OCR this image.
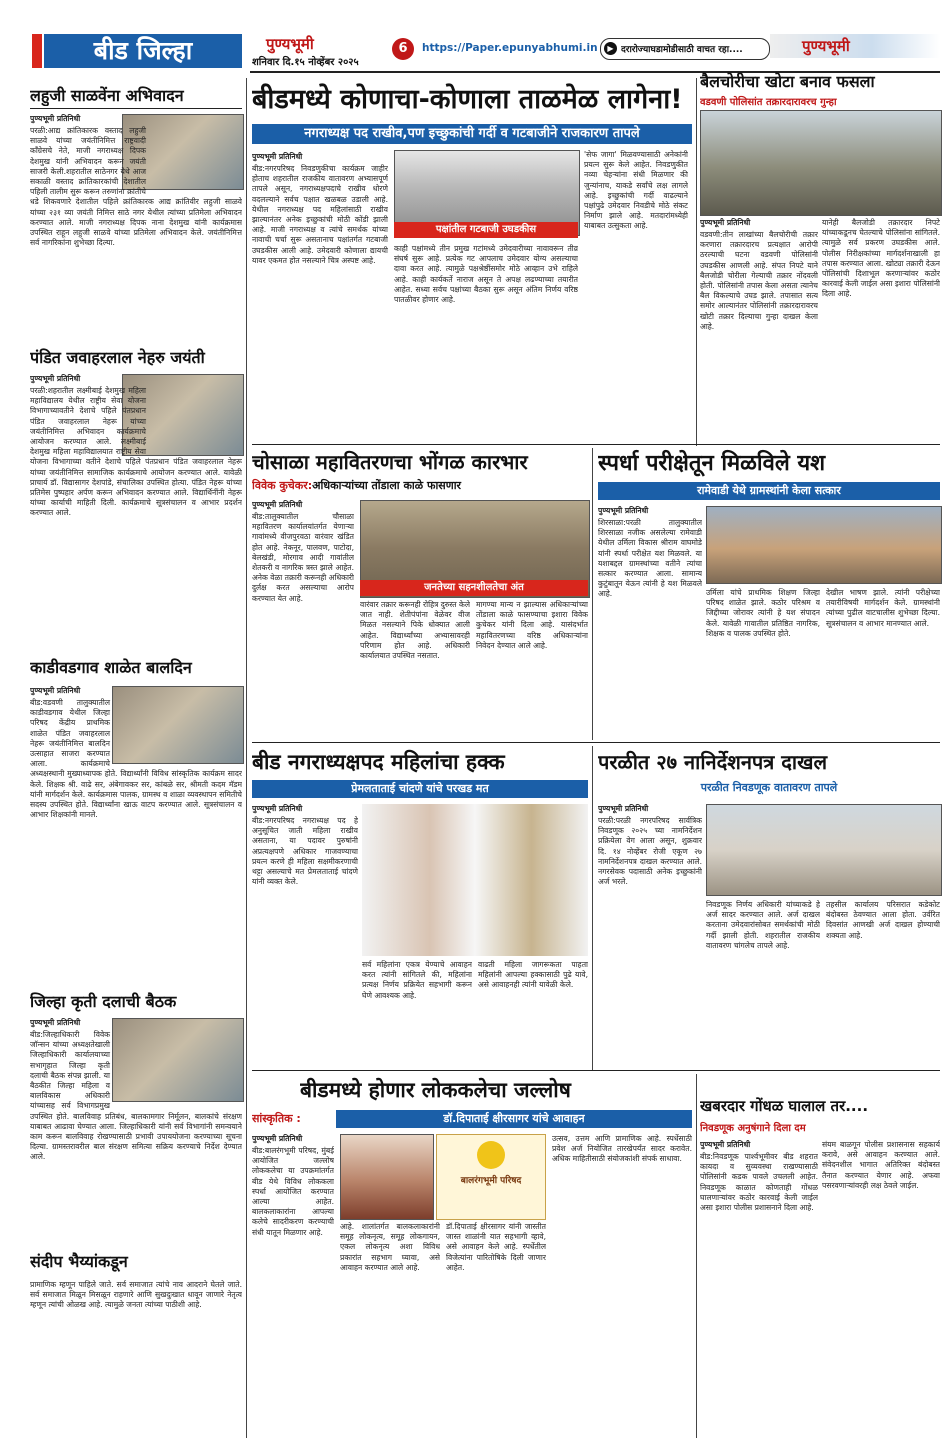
बीड जिल्हा	पुण्यभूमी
शनिवार दि.१५ नोव्हेंबर २०२५
6	https://Paper.epunyabhumi.in	▶ दरारोज्याघडामोडीसाठी वाचत रहा....	पुण्यभूमी
लहुजी साळवेंना अभिवादन
पुण्यभूमी प्रतिनिधी
परळी:आद्य क्रांतिकारक वस्ताद लहुजी साळवे यांच्या जयंतीनिमित्त राष्ट्रवादी काँग्रेसचे नेते, माजी नगराध्यक्ष दिपक देशमुख यांनी अभिवादन करून जयंती साजरी केली.शहरातील साठेनगर येथे आज सकाळी वस्ताद क्रांतिकारकांची देशातील पहिली तालीम सुरू करून तरुणांना क्रांतीचे धडे शिकवणारे देशातील पहिले क्रांतिकारक आद्य क्रांतिवीर लहुजी साळवे यांच्या २३१ व्या जयंती निमित्त साठे नगर येथील त्यांच्या प्रतिमेला अभिवादन करण्यात आले. माजी नगराध्यक्ष दिपक नाना देशमुख यांनी कार्यक्रमास उपस्थित राहून लहुजी साळवे यांच्या प्रतिमेला अभिवादन केले. जयंतीनिमित्त सर्व नागरिकांना शुभेच्छा दिल्या.
पंडित जवाहरलाल नेहरु जयंती
पुण्यभूमी प्रतिनिधी
परळी:शहरातील लक्ष्मीबाई देशमुख महिला महाविद्यालय येथील राष्ट्रीय सेवा योजना विभागाच्यावतीने देशाचे पहिले पंतप्रधान पंडित जवाहरलाल नेहरू यांच्या जयंतीनिमित्त अभिवादन कार्यक्रमाचे आयोजन करण्यात आले. लक्ष्मीबाई देशमुख महिला महाविद्यालयात राष्ट्रीय सेवा योजना विभागाच्या वतीने देशाचे पहिले पंतप्रधान पंडित जवाहरलाल नेहरू यांच्या जयंतीनिमित्त सामाजिक कार्यक्रमाचे आयोजन करण्यात आले. यावेळी प्राचार्य डॉ. विद्यासागर देशपांडे, संचालिका उपस्थित होत्या. पंडित नेहरू यांच्या प्रतिमेस पुष्पहार अर्पण करून अभिवादन करण्यात आले. विद्यार्थिनींनी नेहरू यांच्या कार्याची माहिती दिली. कार्यक्रमाचे सूत्रसंचालन व आभार प्रदर्शन करण्यात आले.
काडीवडगाव शाळेत बालदिन
पुण्यभूमी प्रतिनिधी
बीड:वडवणी तालुक्यातील काडीवडगाव येथील जिल्हा परिषद केंद्रीय प्राथमिक शाळेत पंडित जवाहरलाल नेहरू जयंतीनिमित्त बालदिन उत्साहात साजरा करण्यात आला. कार्यक्रमाचे अध्यक्षस्थानी मुख्याध्यापक होते. विद्यार्थ्यांनी विविध सांस्कृतिक कार्यक्रम सादर केले. शिक्षक श्री. वाढे सर, अंबेगावकर सर, कांबळे सर, श्रीमती कदम मॅडम यांनी मार्गदर्शन केले. कार्यक्रमास पालक, ग्रामस्थ व शाळा व्यवस्थापन समितीचे सदस्य उपस्थित होते. विद्यार्थ्यांना खाऊ वाटप करण्यात आले. सूत्रसंचालन व आभार शिक्षकांनी मानले.
जिल्हा कृती दलाची बैठक
पुण्यभूमी प्रतिनिधी
बीड:जिल्हाधिकारी विवेक जॉन्सन यांच्या अध्यक्षतेखाली जिल्हाधिकारी कार्यालयाच्या सभागृहात जिल्हा कृती दलाची बैठक संपन्न झाली. या बैठकीत जिल्हा महिला व बालविकास अधिकारी यांच्यासह सर्व विभागप्रमुख उपस्थित होते. बालविवाह प्रतिबंध, बालकामगार निर्मूलन, बालकांचे संरक्षण याबाबत आढावा घेण्यात आला. जिल्हाधिकारी यांनी सर्व विभागांनी समन्वयाने काम करून बालविवाह रोखण्यासाठी प्रभावी उपाययोजना करण्याच्या सूचना दिल्या. ग्रामस्तरावरील बाल संरक्षण समित्या सक्रिय करण्याचे निर्देश देण्यात आले.
संदीप भैय्यांकडून
प्रामाणिक म्हणून पाहिले जाते. सर्व समाजात त्यांचे नाव आदराने घेतले जाते. सर्व समाजात मिळून मिसळून राहणारे आणि सुखदुःखात धावून जाणारे नेतृत्व म्हणून त्यांची ओळख आहे. त्यामुळे जनता त्यांच्या पाठीशी आहे.
बीडमध्ये कोणाचा-कोणाला ताळमेळ लागेना!
नगराध्यक्ष पद राखीव,पण इच्छुकांची गर्दी व गटबाजीने राजकारण तापले
पुण्यभूमी प्रतिनिधी
बीड:नगरपरिषद निवडणुकीचा कार्यक्रम जाहीर होताच शहरातील राजकीय वातावरण अभ्यासपूर्ण तापले असून, नगराध्यक्षपदाचे राखीव धोरणे वदलल्याने सर्वच पक्षात खळबळ उडाली आहे. येथील नगराध्यक्ष पद महिलांसाठी राखीव झाल्यानंतर अनेक इच्छुकांची मोठी कोंडी झाली आहे. माजी नगराध्यक्ष व त्यांचे समर्थक यांच्या नावाची चर्चा सुरू असतानाच पक्षांतर्गत गटबाजी उघडकीस आली आहे. उमेदवारी कोणाला द्यायची यावर एकमत होत नसल्याने चित्र अस्पष्ट आहे.
पक्षांतील गटबाजी उघडकीस
काही पक्षांमध्ये तीन प्रमुख गटांमध्ये उमेदवारीच्या नावावरून तीव्र संघर्ष सुरू आहे. प्रत्येक गट आपलाच उमेदवार योग्य असल्याचा दावा करत आहे. त्यामुळे पक्षश्रेष्ठींसमोर मोठे आव्हान उभे राहिले आहे. काही कार्यकर्ते नाराज असून ते अपक्ष लढण्याच्या तयारीत आहेत. सध्या सर्वच पक्षांच्या बैठका सुरू असून अंतिम निर्णय वरिष्ठ पातळीवर होणार आहे.
'सेफ जागा' मिळवण्यासाठी अनेकांनी प्रयत्न सुरू केले आहेत. निवडणुकीत नव्या चेहऱ्यांना संधी मिळणार की जुन्यांनाच, याकडे सर्वांचे लक्ष लागले आहे. इच्छुकांची गर्दी वाढल्याने पक्षांपुढे उमेदवार निवडीचे मोठे संकट निर्माण झाले आहे. मतदारांमध्येही याबाबत उत्सुकता आहे.
बैलचोरीचा खोटा बनाव फसला
वडवणी पोलिसांत तक्रारदारावरच गुन्हा
पुण्यभूमी प्रतिनिधी
वडवणी:तीन लाखांच्या बैलचोरीची तक्रार करणारा तक्रारदारच प्रत्यक्षात आरोपी ठरल्याची घटना वडवणी पोलिसांनी उघडकीस आणली आहे. संपत निपटे याने बैलजोडी चोरीला गेल्याची तक्रार नोंदवली होती. पोलिसांनी तपास केला असता त्यानेच बैल विकल्याचे उघड झाले. तपासात सत्य समोर आल्यानंतर पोलिसांनी तक्रारदारावरच खोटी तक्रार दिल्याचा गुन्हा दाखल केला आहे.
यानेही बैलजोडी तक्रारदार निपटे यांच्याकडूनच घेतल्याचे पोलिसांना सांगितले. त्यामुळे सर्व प्रकरण उघडकीस आले. पोलीस निरीक्षकांच्या मार्गदर्शनाखाली हा तपास करण्यात आला. खोट्या तक्रारी देऊन पोलिसांची दिशाभूल करणाऱ्यांवर कठोर कारवाई केली जाईल असा इशारा पोलिसांनी दिला आहे.
चोसाळा महावितरणचा भोंगळ कारभार
विवेक कुचेकर:अधिकाऱ्यांच्या तोंडाला काळे फासणार
पुण्यभूमी प्रतिनिधी
बीड:तालुक्यातील चौसाळा महावितरण कार्यालयांतर्गत येणाऱ्या गावांमध्ये वीजपुरवठा वारंवार खंडित होत आहे. नेकनूर, पालवण, पाटोदा, बेलखंडी, मोरगाव आदी गावांतील शेतकरी व नागरिक त्रस्त झाले आहेत. अनेक वेळा तक्रारी करूनही अधिकारी दुर्लक्ष करत असल्याचा आरोप करण्यात येत आहे.
जनतेच्या सहनशीलतेचा अंत
वारंवार तक्रार करूनही रोहित्र दुरुस्त केले जात नाही. शेतीपंपांना वेळेवर वीज मिळत नसल्याने पिके धोक्यात आली आहेत. विद्यार्थ्यांच्या अभ्यासावरही परिणाम होत आहे. अधिकारी कार्यालयात उपस्थित नसतात.
मागण्या मान्य न झाल्यास अधिकाऱ्यांच्या तोंडाला काळे फासण्याचा इशारा विवेक कुचेकर यांनी दिला आहे. यासंदर्भात महावितरणच्या वरिष्ठ अधिकाऱ्यांना निवेदन देण्यात आले आहे.
स्पर्धा परीक्षेतून मिळविले यश
रामेवाडी येथे ग्रामस्थांनी केला सत्कार
पुण्यभूमी प्रतिनिधी
शिरसाळा:परळी तालुक्यातील शिरसाळा नजीक असलेल्या रामेवाडी येथील उर्मिला विकास श्रीराम वाघमोडे यांनी स्पर्धा परीक्षेत यश मिळवले. या यशाबद्दल ग्रामस्थांच्या वतीने त्यांचा सत्कार करण्यात आला. सामान्य कुटुंबातून येऊन त्यांनी हे यश मिळवले आहे.	उर्मिला यांचे प्राथमिक शिक्षण जिल्हा परिषद शाळेत झाले. कठोर परिश्रम व जिद्दीच्या जोरावर त्यांनी हे यश संपादन केले. यावेळी गावातील प्रतिष्ठित नागरिक, शिक्षक व पालक उपस्थित होते.
देखील भाषण झाले. त्यांनी परीक्षेच्या तयारीविषयी मार्गदर्शन केले. ग्रामस्थांनी त्यांच्या पुढील वाटचालीस शुभेच्छा दिल्या. सूत्रसंचालन व आभार मानण्यात आले.
बीड नगराध्यक्षपद महिलांचा हक्क
प्रेमलताताई चांदणे यांचे परखड मत
पुण्यभूमी प्रतिनिधी
बीड:नगरपरिषद नगराध्यक्ष पद हे अनुसूचित जाती महिला राखीव असताना, या पदावर पुरुषांनी अप्रत्यक्षपणे अधिकार गाजवण्याचा प्रयत्न करणे ही महिला सक्षमीकरणाची थट्टा असल्याचे मत प्रेमलताताई चांदणे यांनी व्यक्त केले.
सर्व महिलांना एकत्र येण्याचे आवाहन करत त्यांनी सांगितले की, महिलांना प्रत्यक्ष निर्णय प्रक्रियेत सहभागी करून घेणे आवश्यक आहे.
वाढती महिला जागरूकता पाहता महिलांनी आपल्या हक्कासाठी पुढे यावे, असे आवाहनही त्यांनी यावेळी केले.
परळीत २७ नानिर्देशनपत्र दाखल
परळीत निवडणूक वातावरण तापले
पुण्यभूमी प्रतिनिधी
परळी:परळी नगरपरिषद सार्वत्रिक निवडणूक २०२५ च्या नामनिर्देशन प्रक्रियेला वेग आला असून, शुक्रवार दि. १४ नोव्हेंबर रोजी एकूण २७ नामनिर्देशनपत्र दाखल करण्यात आले. नगरसेवक पदासाठी अनेक इच्छुकांनी अर्ज भरले.
निवडणूक निर्णय अधिकारी यांच्याकडे हे अर्ज सादर करण्यात आले. अर्ज दाखल करताना उमेदवारांसोबत समर्थकांची मोठी गर्दी झाली होती. शहरातील राजकीय वातावरण चांगलेच तापले आहे.
तहसील कार्यालय परिसरात कडेकोट बंदोबस्त ठेवण्यात आला होता. उर्वरित दिवसांत आणखी अर्ज दाखल होण्याची शक्यता आहे.
बीडमध्ये होणार लोककलेचा जल्लोष
सांस्कृतिक :	डॉ.दिपाताई क्षीरसागर यांचे आवाहन
पुण्यभूमी प्रतिनिधी
बीड:बालरंगभूमी परिषद, मुंबई आयोजित जल्लोष लोककलेचा या उपक्रमांतर्गत बीड येथे विविध लोककला स्पर्धा आयोजित करण्यात आल्या आहेत. बालकलाकारांना आपल्या कलेचे सादरीकरण करण्याची संधी यातून मिळणार आहे.
बालरंगभूमी परिषद
आहे. शालांतर्गत बालकलाकारांनी समूह लोकनृत्य, समूह लोकगायन, एकल लोकनृत्य अशा विविध प्रकारांत सहभाग घ्यावा, असे आवाहन करण्यात आले आहे.
डॉ.दिपाताई क्षीरसागर यांनी जास्तीत जास्त शाळांनी यात सहभागी व्हावे, असे आवाहन केले आहे. स्पर्धेतील विजेत्यांना पारितोषिके दिली जाणार आहेत.
उत्सव, उत्तम आणि प्रामाणिक आहे. स्पर्धेसाठी प्रवेश अर्ज नियोजित तारखेपर्यंत सादर करावेत. अधिक माहितीसाठी संयोजकांशी संपर्क साधावा.
खबरदार गोंधळ घालाल तर....
निवडणूक अनुषंगाने दिला दम
पुण्यभूमी प्रतिनिधी
बीड:निवडणूक पार्श्वभूमीवर बीड शहरात कायदा व सुव्यवस्था राखण्यासाठी पोलिसांनी कडक पावले उचलली आहेत. निवडणूक काळात कोणताही गोंधळ घालणाऱ्यांवर कठोर कारवाई केली जाईल असा इशारा पोलीस प्रशासनाने दिला आहे.
संयम बाळगून पोलीस प्रशासनास सहकार्य करावे, असे आवाहन करण्यात आले. संवेदनशील भागात अतिरिक्त बंदोबस्त तैनात करण्यात येणार आहे. अफवा पसरवणाऱ्यांवरही लक्ष ठेवले जाईल.
